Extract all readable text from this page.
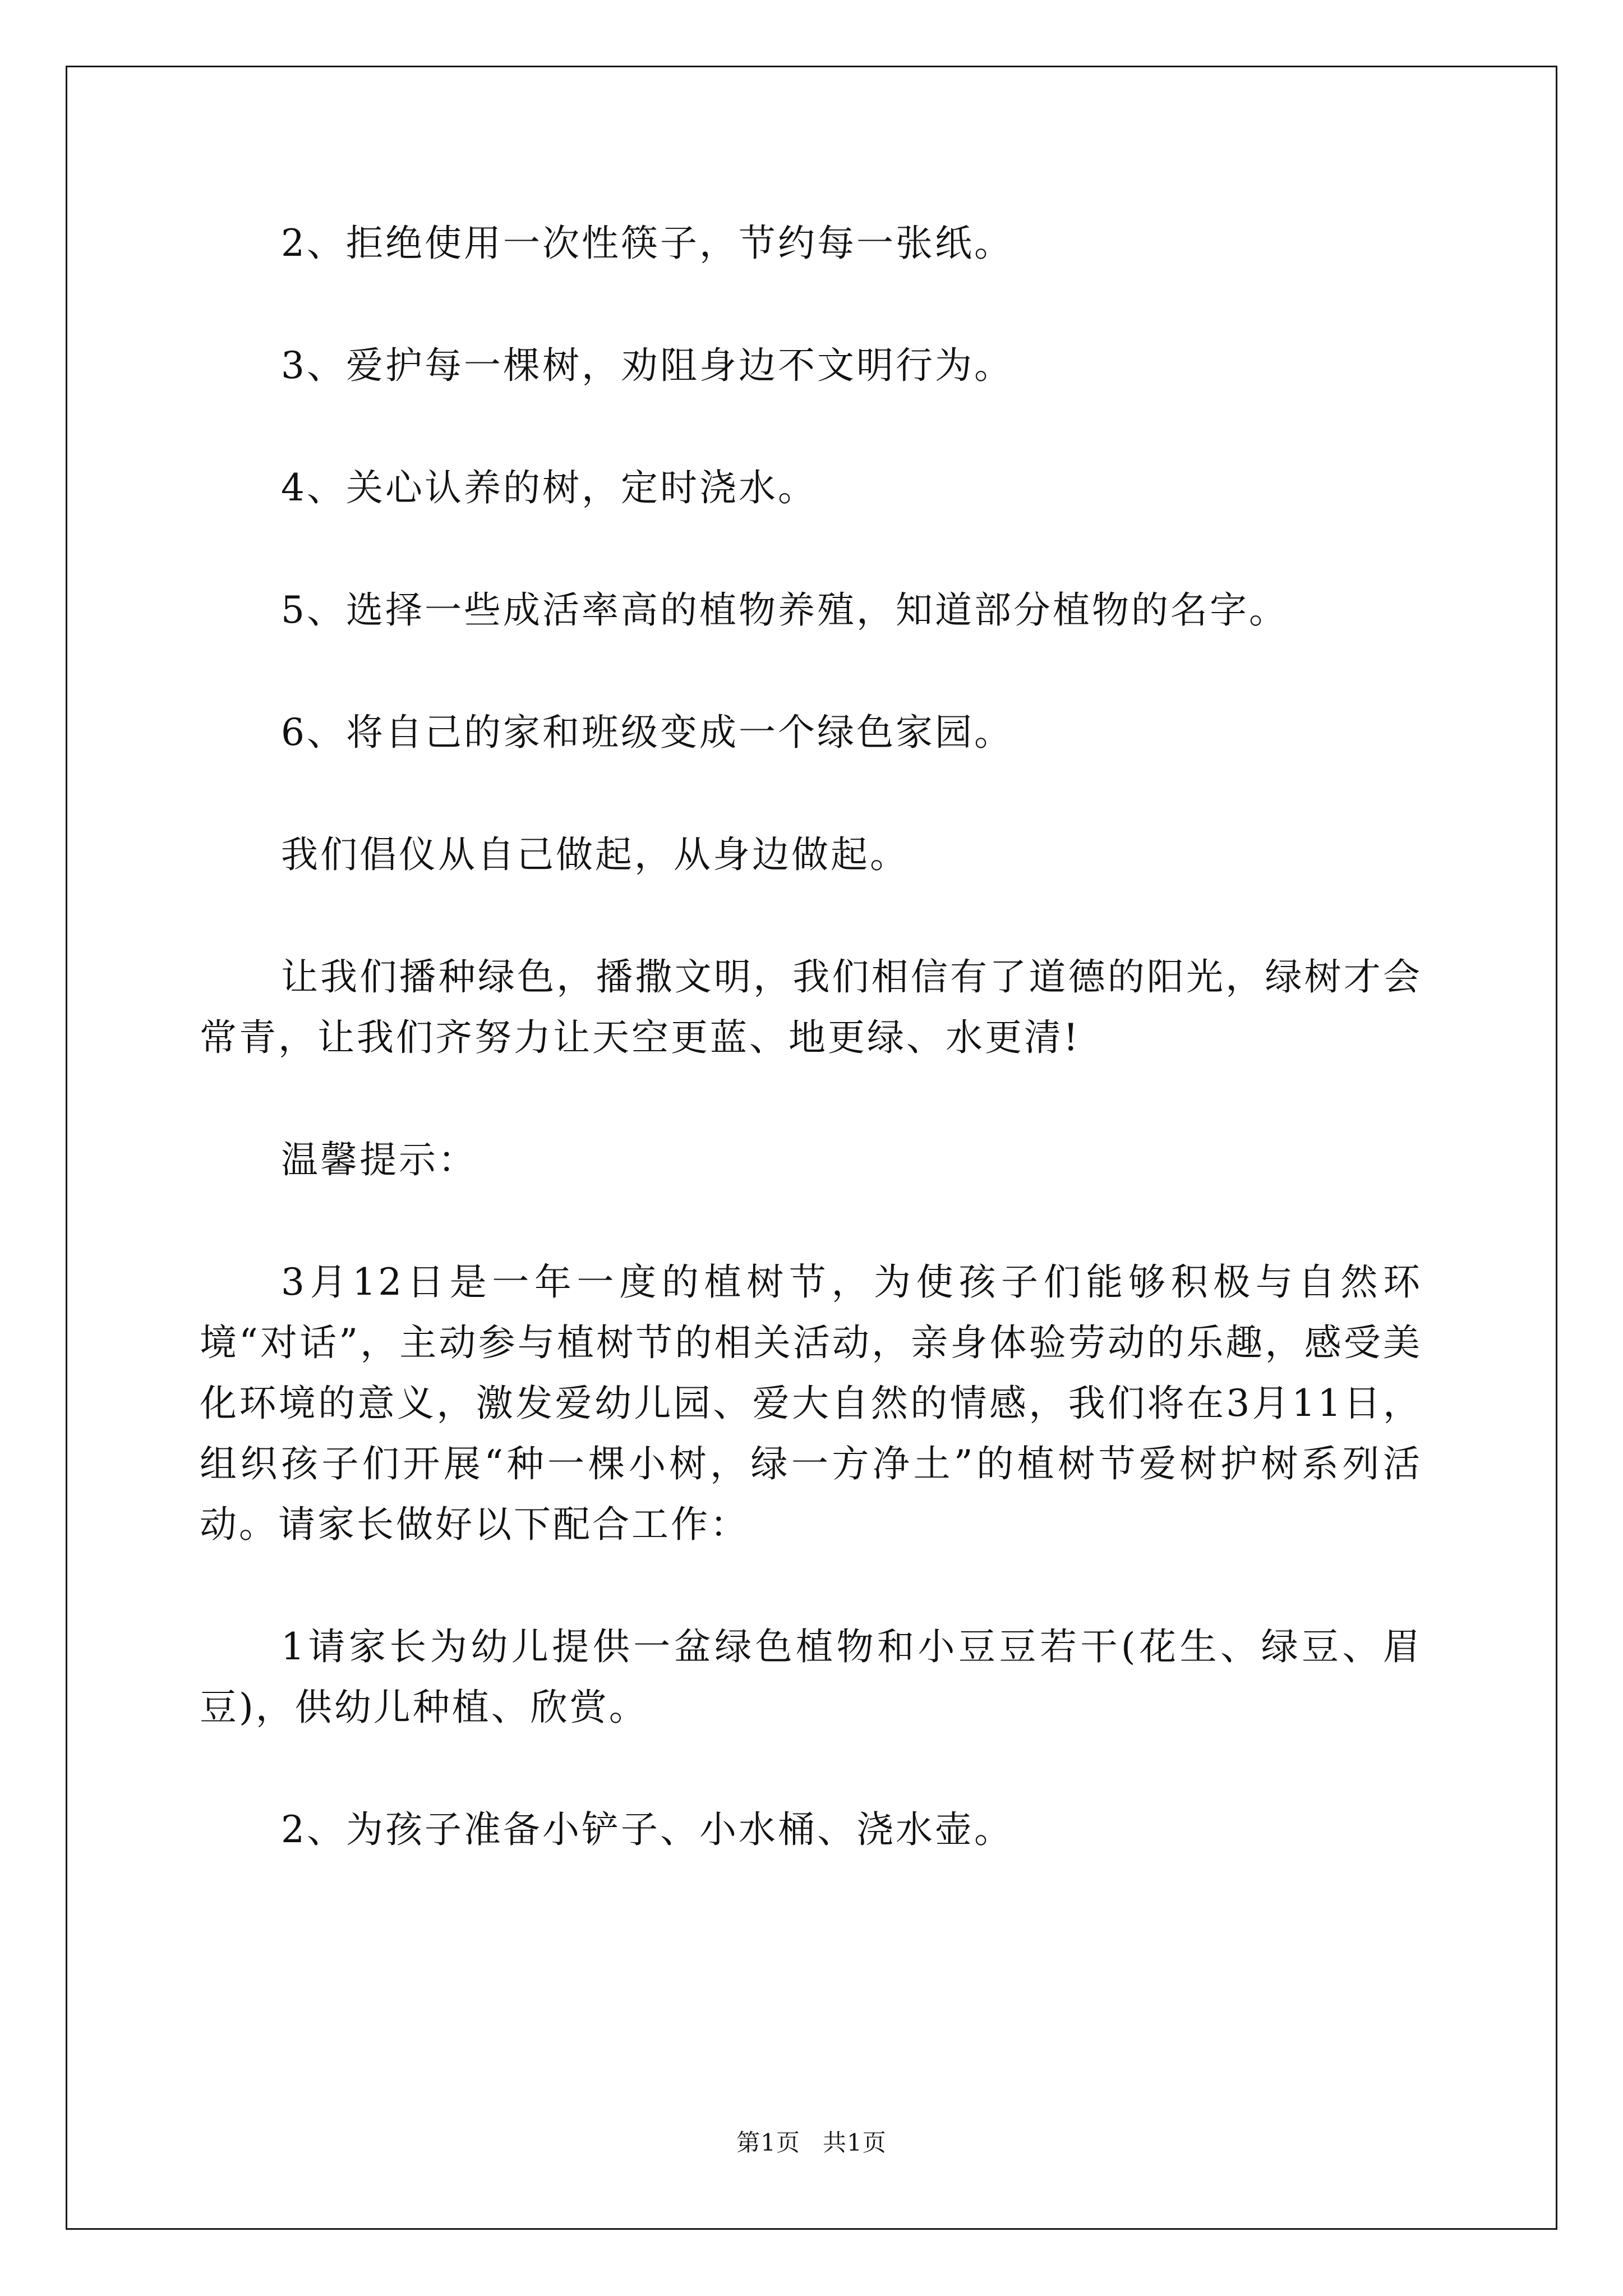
2、拒绝使用一次性筷子，节约每一张纸。

3、爱护每一棵树，劝阻身边不文明行为。

4、关心认养的树，定时浇水。

5、选择一些成活率高的植物养殖，知道部分植物的名字。

6、将自己的家和班级变成一个绿色家园。

我们倡仪从自己做起，从身边做起。

让我们播种绿色，播撒文明，我们相信有了道德的阳光，绿树才会常青，让我们齐努力让天空更蓝、地更绿、水更清!

温馨提示：

3月12日是一年一度的植树节，为使孩子们能够积极与自然环境“对话”，主动参与植树节的相关活动，亲身体验劳动的乐趣，感受美化环境的意义，激发爱幼儿园、爱大自然的情感，我们将在3月11日，组织孩子们开展“种一棵小树，绿一方净土”的植树节爱树护树系列活动。请家长做好以下配合工作：

1请家长为幼儿提供一盆绿色植物和小豆豆若干(花生、绿豆、眉豆)，供幼儿种植、欣赏。

2、为孩子准备小铲子、小水桶、浇水壶。

第1页 共1页
